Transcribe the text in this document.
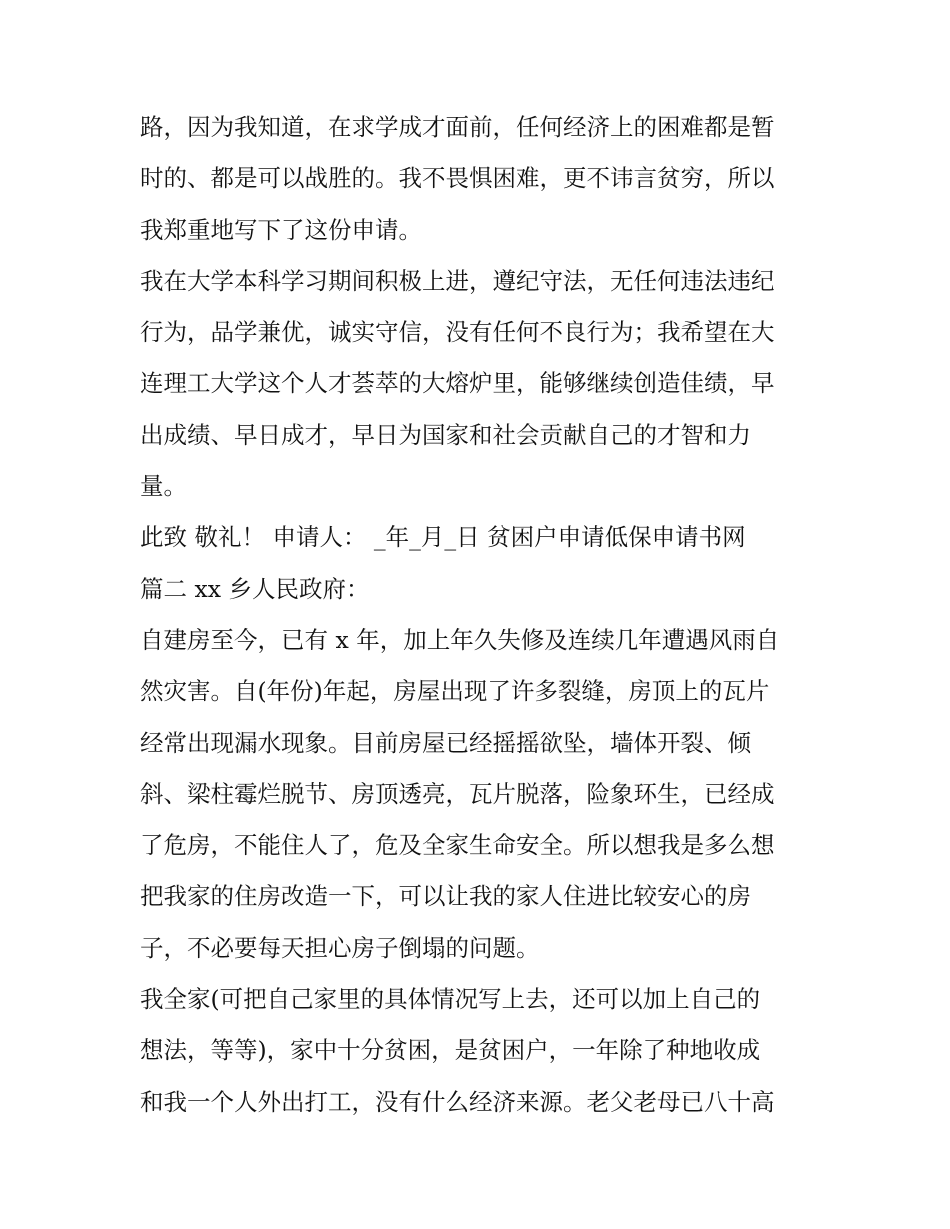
路，因为我知道，在求学成才面前，任何经济上的困难都是暂
时的、都是可以战胜的。我不畏惧困难，更不讳言贫穷，所以
我郑重地写下了这份申请。
我在大学本科学习期间积极上进，遵纪守法，无任何违法违纪
行为，品学兼优，诚实守信，没有任何不良行为；我希望在大
连理工大学这个人才荟萃的大熔炉里，能够继续创造佳绩，早
出成绩、早日成才，早日为国家和社会贡献自己的才智和力
量。
此致 敬礼！ 申请人： _年_月_日 贫困户申请低保申请书网
篇二 xx 乡人民政府：
自建房至今，已有 x 年，加上年久失修及连续几年遭遇风雨自
然灾害。自(年份)年起，房屋出现了许多裂缝，房顶上的瓦片
经常出现漏水现象。目前房屋已经摇摇欲坠，墙体开裂、倾
斜、梁柱霉烂脱节、房顶透亮，瓦片脱落，险象环生，已经成
了危房，不能住人了，危及全家生命安全。所以想我是多么想
把我家的住房改造一下，可以让我的家人住进比较安心的房
子，不必要每天担心房子倒塌的问题。
我全家(可把自己家里的具体情况写上去，还可以加上自己的
想法，等等)，家中十分贫困，是贫困户，一年除了种地收成
和我一个人外出打工，没有什么经济来源。老父老母已八十高
